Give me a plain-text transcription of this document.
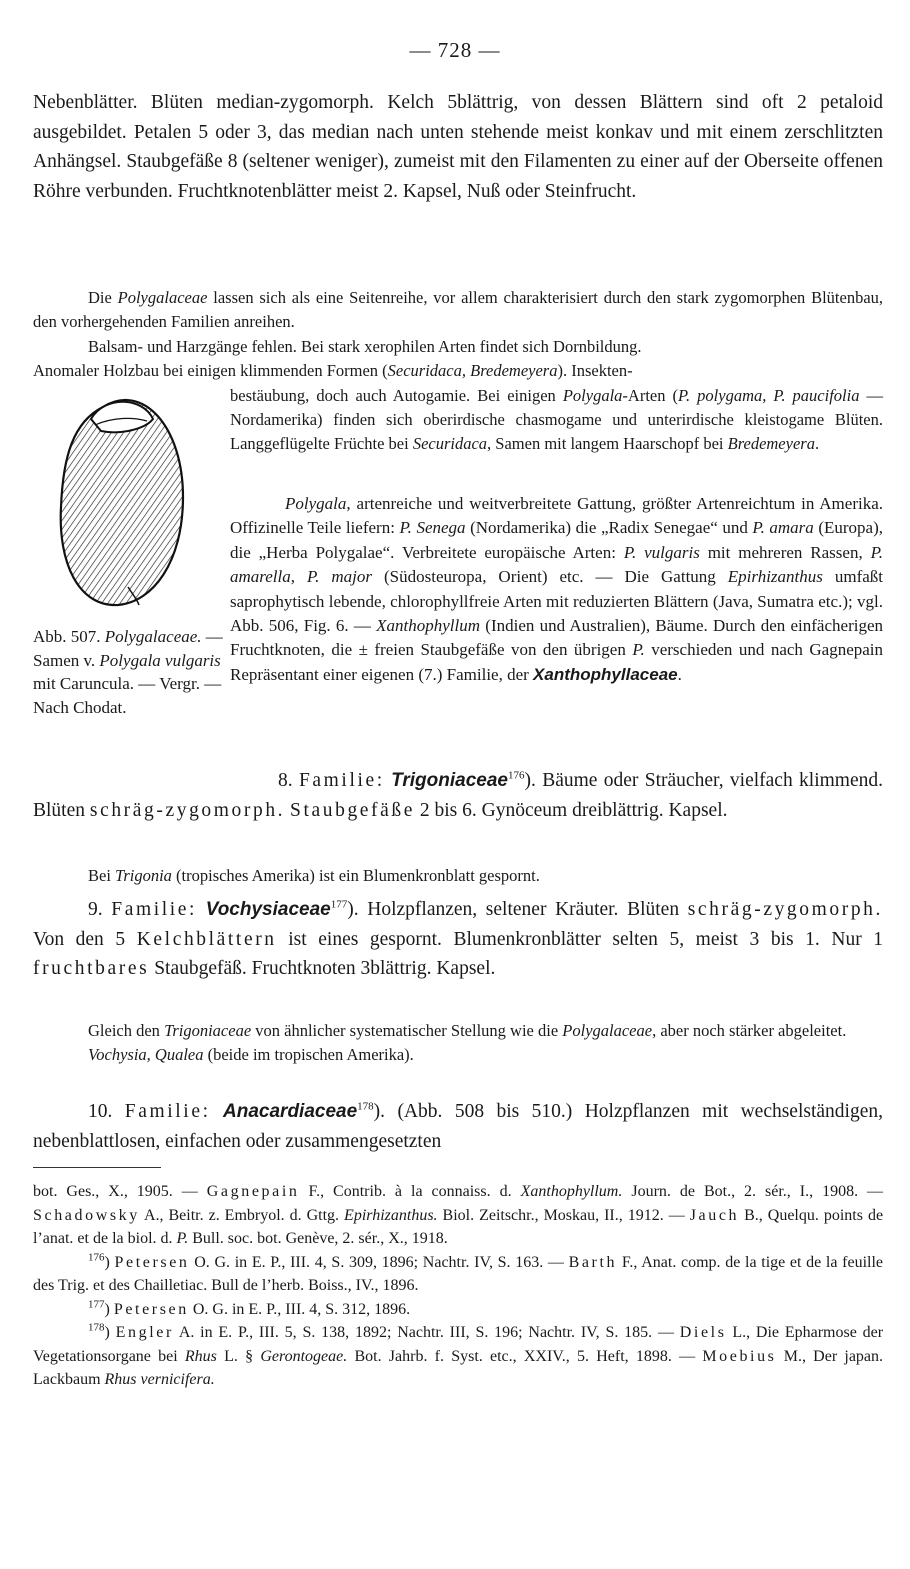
— 728 —

Nebenblätter. Blüten median-zygomorph. Kelch 5blättrig, von dessen Blättern sind oft 2 petaloid ausgebildet. Petalen 5 oder 3, das median nach unten stehende meist konkav und mit einem zerschlitzten Anhängsel. Staubgefäße 8 (seltener weniger), zumeist mit den Filamenten zu einer auf der Oberseite offenen Röhre verbunden. Fruchtknotenblätter meist 2. Kapsel, Nuß oder Steinfrucht.

Die Polygalaceae lassen sich als eine Seitenreihe, vor allem charakterisiert durch den stark zygomorphen Blütenbau, den vorhergehenden Familien anreihen.

Balsam- und Harzgänge fehlen. Bei stark xerophilen Arten findet sich Dornbildung.

Anomaler Holzbau bei einigen klimmenden Formen (Securidaca, Bredemeyera). Insekten-

Abb. 507. Polygalaceae. — Samen v. Polygala vulgaris mit Caruncula. — Vergr. — Nach Chodat.

bestäubung, doch auch Autogamie. Bei einigen Polygala-Arten (P. polygama, P. paucifolia — Nordamerika) finden sich oberirdische chasmogame und unterirdische kleistogame Blüten. Langgeflügelte Früchte bei Securidaca, Samen mit langem Haarschopf bei Bredemeyera.

Polygala, artenreiche und weitverbreitete Gattung, größter Artenreichtum in Amerika. Offizinelle Teile liefern: P. Senega (Nordamerika) die „Radix Senegae“ und P. amara (Europa), die „Herba Polygalae“. Verbreitete europäische Arten: P. vulgaris mit mehreren Rassen, P. amarella, P. major (Südosteuropa, Orient) etc. — Die Gattung Epirhizanthus umfaßt saprophytisch lebende, chlorophyllfreie Arten mit reduzierten Blättern (Java, Sumatra etc.); vgl. Abb. 506, Fig. 6. — Xanthophyllum (Indien und Australien), Bäume. Durch den einfächerigen Fruchtknoten, die ± freien Staubgefäße von den übrigen P. verschieden und nach Gagnepain Repräsentant einer eigenen (7.) Familie, der Xanthophyllaceae.

8. Familie: Trigoniaceae$^{176}$). Bäume oder Sträucher, vielfach klimmend. Blüten schräg-zygomorph. Staubgefäße 2 bis 6. Gynöceum dreiblättrig. Kapsel.

Bei Trigonia (tropisches Amerika) ist ein Blumenkronblatt gespornt.

9. Familie: Vochysiaceae$^{177}$). Holzpflanzen, seltener Kräuter. Blüten schräg-zygomorph. Von den 5 Kelchblättern ist eines gespornt. Blumenkronblätter selten 5, meist 3 bis 1. Nur 1 fruchtbares Staubgefäß. Fruchtknoten 3blättrig. Kapsel.

Gleich den Trigoniaceae von ähnlicher systematischer Stellung wie die Polygalaceae, aber noch stärker abgeleitet.

Vochysia, Qualea (beide im tropischen Amerika).

10. Familie: Anacardiaceae$^{178}$). (Abb. 508 bis 510.) Holzpflanzen mit wechselständigen, nebenblattlosen, einfachen oder zusammengesetzten

bot. Ges., X., 1905. — Gagnepain F., Contrib. à la connaiss. d. Xanthophyllum. Journ. de Bot., 2. sér., I., 1908. — Schadowsky A., Beitr. z. Embryol. d. Gttg. Epirhizanthus. Biol. Zeitschr., Moskau, II., 1912. — Jauch B., Quelqu. points de l’anat. et de la biol. d. P. Bull. soc. bot. Genève, 2. sér., X., 1918.

$^{176}$) Petersen O. G. in E. P., III. 4, S. 309, 1896; Nachtr. IV, S. 163. — Barth F., Anat. comp. de la tige et de la feuille des Trig. et des Chailletiac. Bull de l’herb. Boiss., IV., 1896.

$^{177}$) Petersen O. G. in E. P., III. 4, S. 312, 1896.

$^{178}$) Engler A. in E. P., III. 5, S. 138, 1892; Nachtr. III, S. 196; Nachtr. IV, S. 185. — Diels L., Die Epharmose der Vegetationsorgane bei Rhus L. § Gerontogeae. Bot. Jahrb. f. Syst. etc., XXIV., 5. Heft, 1898. — Moebius M., Der japan. Lackbaum Rhus vernicifera.
